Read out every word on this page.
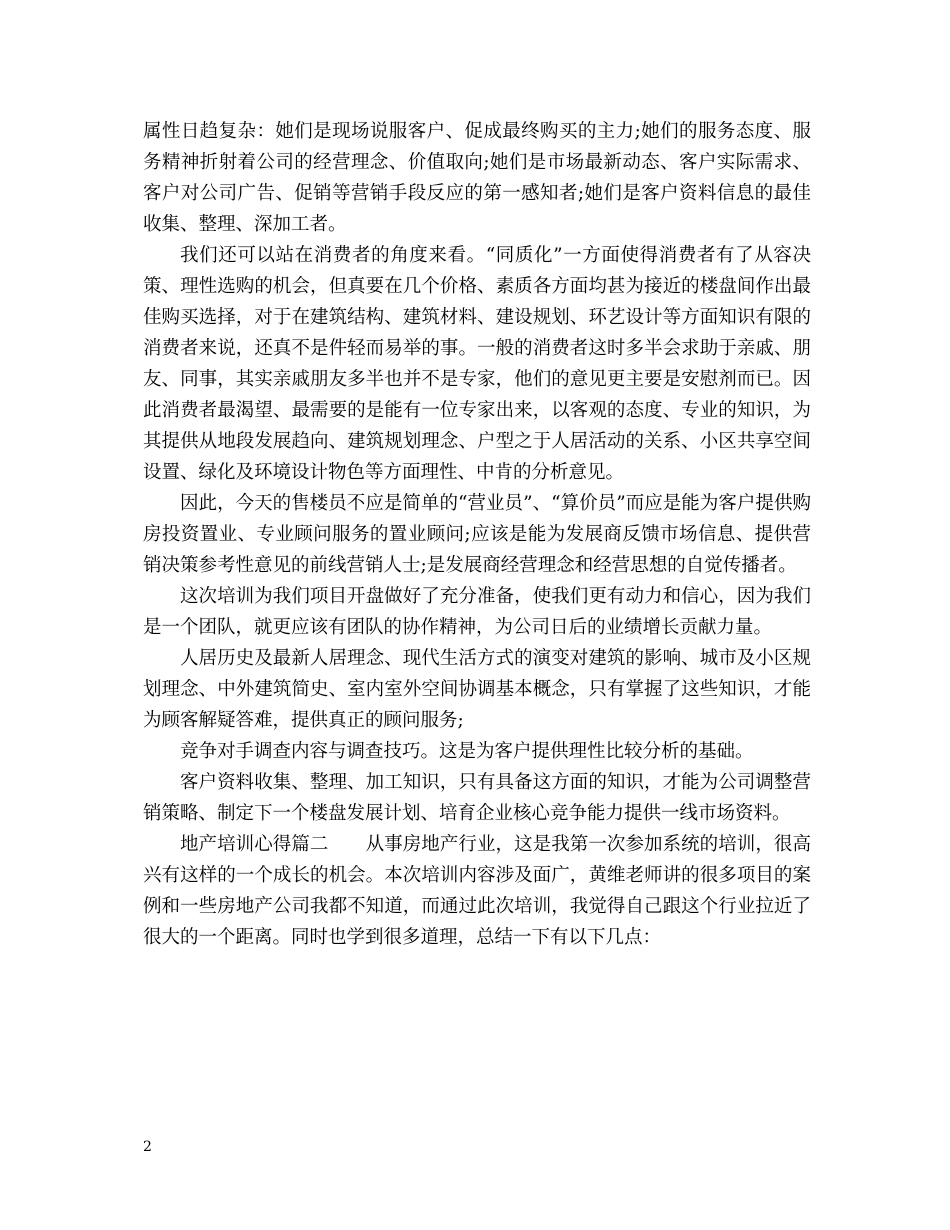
属性日趋复杂：她们是现场说服客户、促成最终购买的主力;她们的服务态度、服务精神折射着公司的经营理念、价值取向;她们是市场最新动态、客户实际需求、客户对公司广告、促销等营销手段反应的第一感知者;她们是客户资料信息的最佳收集、整理、深加工者。

我们还可以站在消费者的角度来看。“同质化”一方面使得消费者有了从容决策、理性选购的机会，但真要在几个价格、素质各方面均甚为接近的楼盘间作出最佳购买选择，对于在建筑结构、建筑材料、建设规划、环艺设计等方面知识有限的消费者来说，还真不是件轻而易举的事。一般的消费者这时多半会求助于亲戚、朋友、同事，其实亲戚朋友多半也并不是专家，他们的意见更主要是安慰剂而已。因此消费者最渴望、最需要的是能有一位专家出来，以客观的态度、专业的知识，为其提供从地段发展趋向、建筑规划理念、户型之于人居活动的关系、小区共享空间设置、绿化及环境设计物色等方面理性、中肯的分析意见。

因此，今天的售楼员不应是简单的“营业员”、“算价员”而应是能为客户提供购房投资置业、专业顾问服务的置业顾问;应该是能为发展商反馈市场信息、提供营销决策参考性意见的前线营销人士;是发展商经营理念和经营思想的自觉传播者。

这次培训为我们项目开盘做好了充分准备，使我们更有动力和信心，因为我们是一个团队，就更应该有团队的协作精神，为公司日后的业绩增长贡献力量。

人居历史及最新人居理念、现代生活方式的演变对建筑的影响、城市及小区规划理念、中外建筑简史、室内室外空间协调基本概念，只有掌握了这些知识，才能为顾客解疑答难，提供真正的顾问服务;

竞争对手调查内容与调查技巧。这是为客户提供理性比较分析的基础。

客户资料收集、整理、加工知识，只有具备这方面的知识，才能为公司调整营销策略、制定下一个楼盘发展计划、培育企业核心竞争能力提供一线市场资料。

地产培训心得篇二　　从事房地产行业，这是我第一次参加系统的培训，很高兴有这样的一个成长的机会。本次培训内容涉及面广，黄维老师讲的很多项目的案例和一些房地产公司我都不知道，而通过此次培训，我觉得自己跟这个行业拉近了很大的一个距离。同时也学到很多道理，总结一下有以下几点：

2
